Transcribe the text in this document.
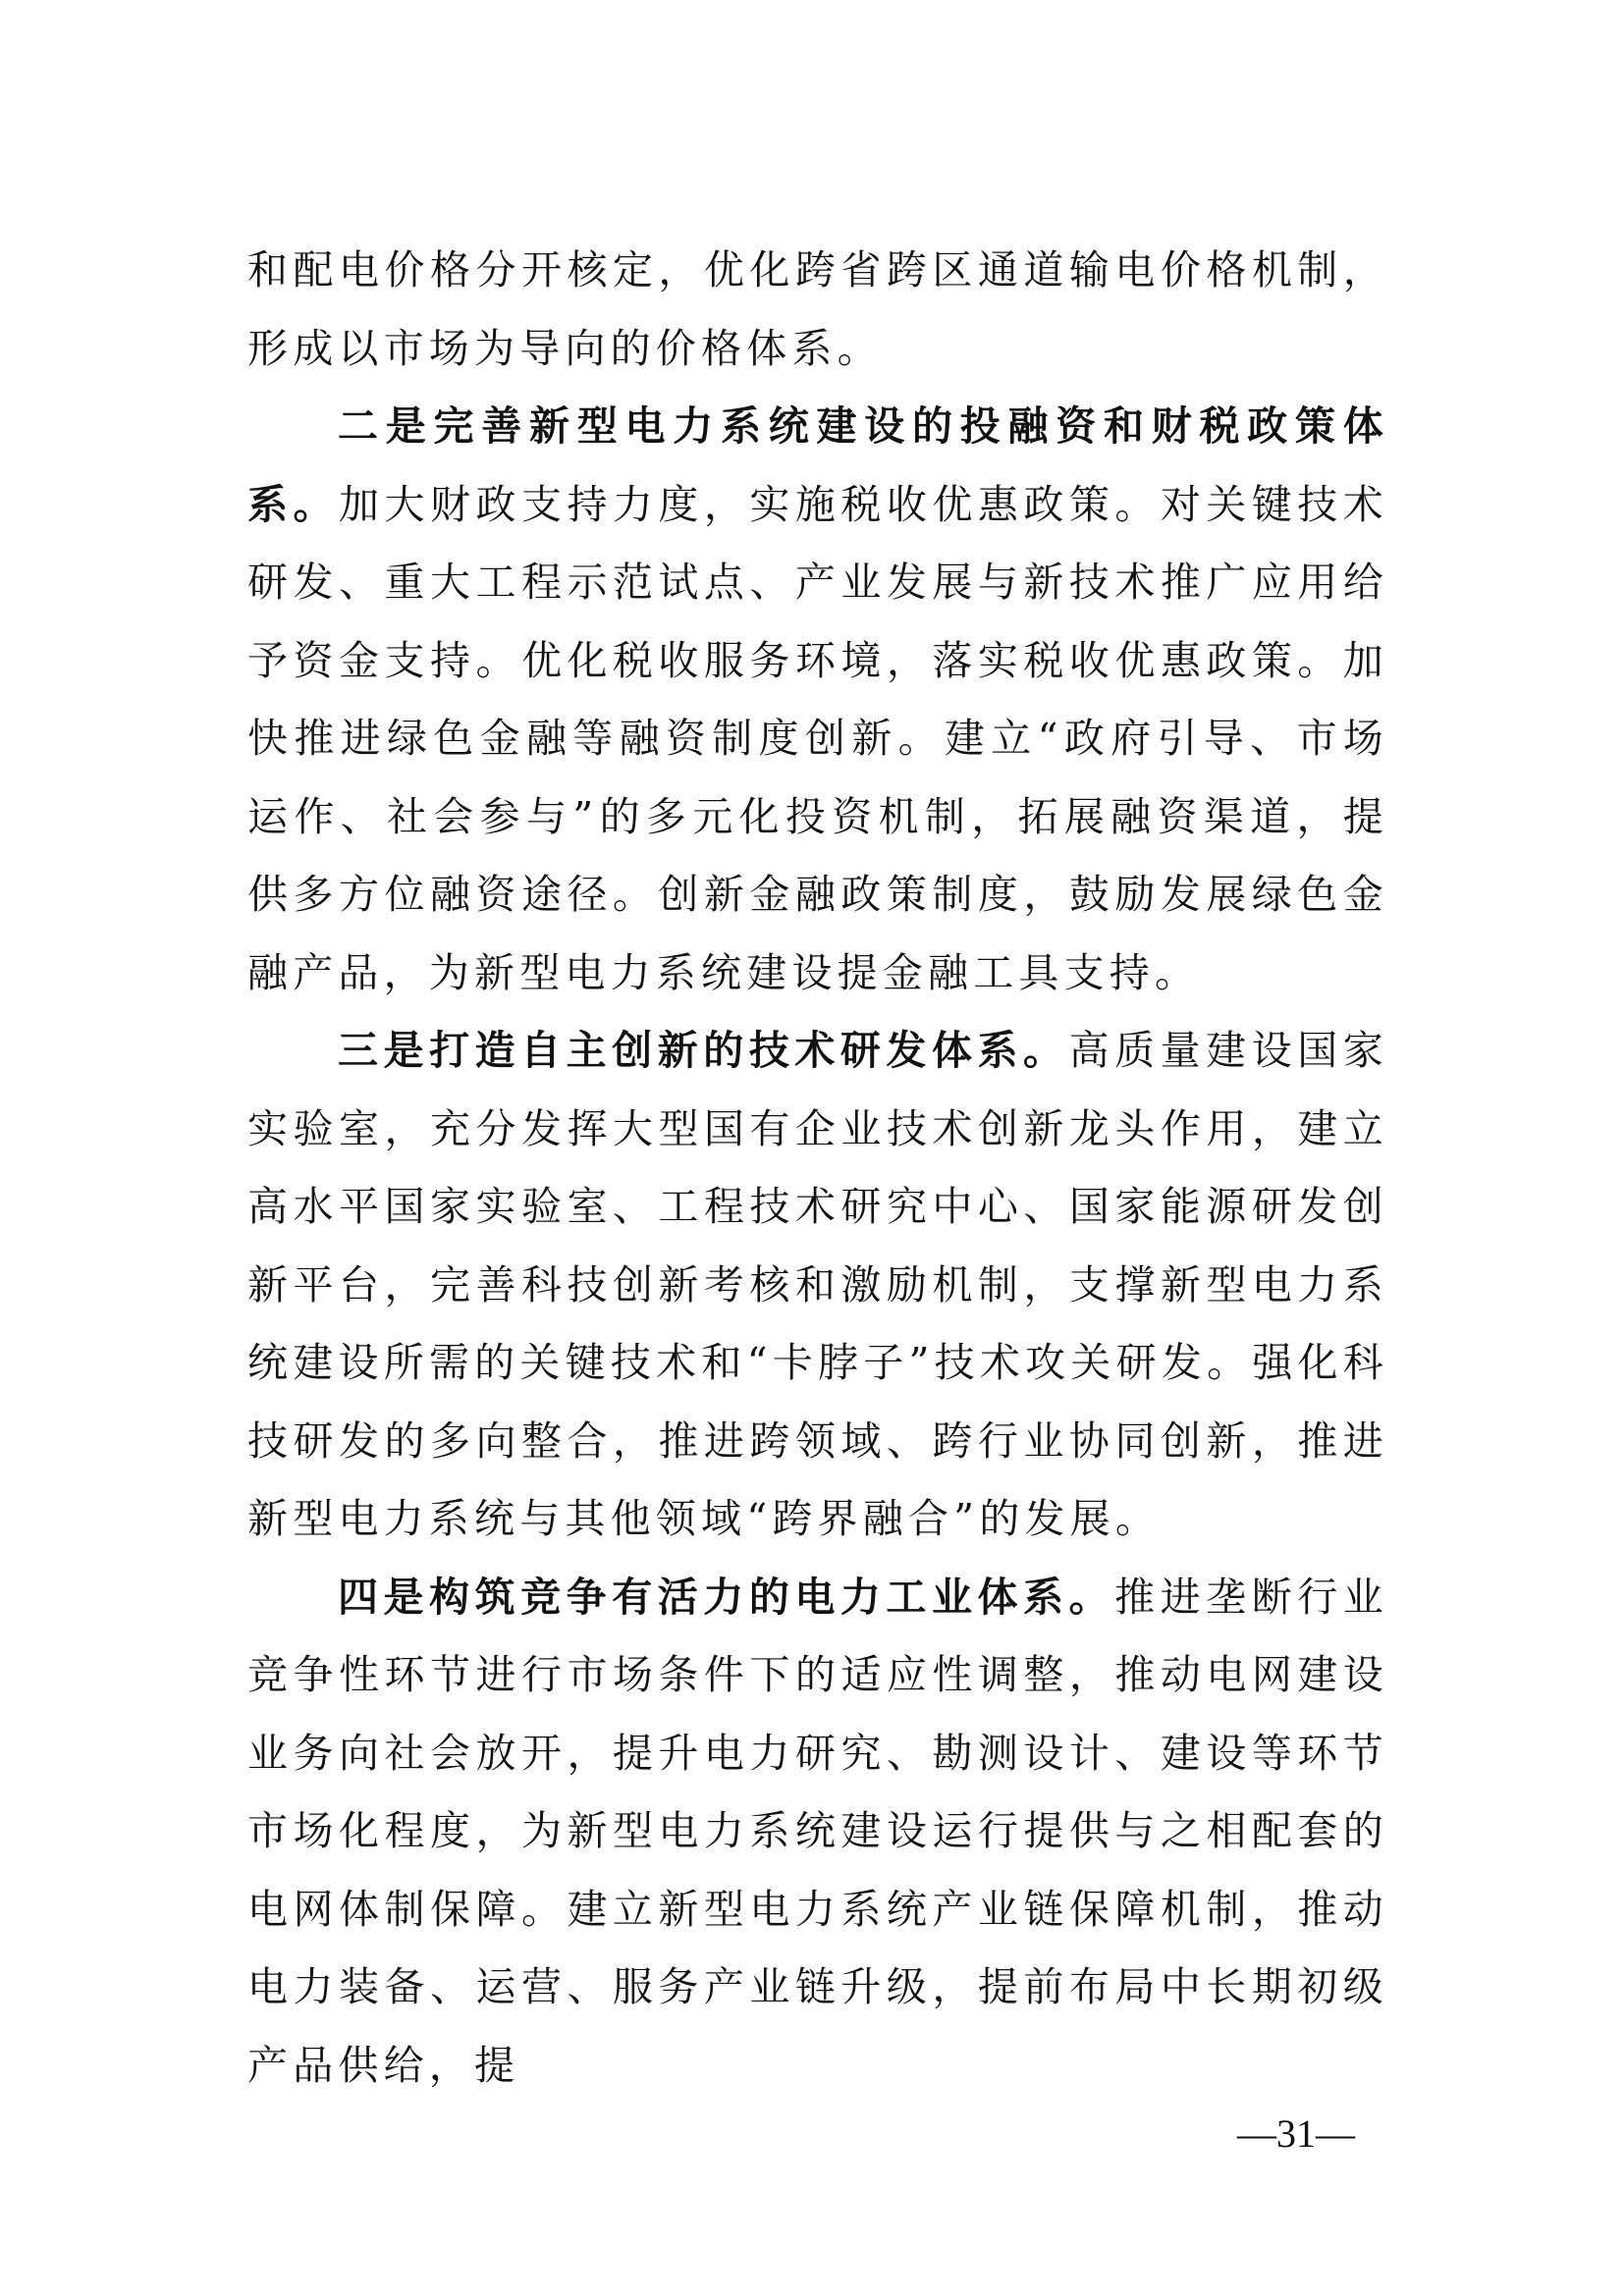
和配电价格分开核定，优化跨省跨区通道输电价格机制，形成以市场为导向的价格体系。

二是完善新型电力系统建设的投融资和财税政策体系。加大财政支持力度，实施税收优惠政策。对关键技术研发、重大工程示范试点、产业发展与新技术推广应用给予资金支持。优化税收服务环境，落实税收优惠政策。加快推进绿色金融等融资制度创新。建立“政府引导、市场运作、社会参与”的多元化投资机制，拓展融资渠道，提供多方位融资途径。创新金融政策制度，鼓励发展绿色金融产品，为新型电力系统建设提金融工具支持。

三是打造自主创新的技术研发体系。高质量建设国家实验室，充分发挥大型国有企业技术创新龙头作用，建立高水平国家实验室、工程技术研究中心、国家能源研发创新平台，完善科技创新考核和激励机制，支撑新型电力系统建设所需的关键技术和“卡脖子”技术攻关研发。强化科技研发的多向整合，推进跨领域、跨行业协同创新，推进新型电力系统与其他领域“跨界融合”的发展。

四是构筑竞争有活力的电力工业体系。推进垄断行业竞争性环节进行市场条件下的适应性调整，推动电网建设业务向社会放开，提升电力研究、勘测设计、建设等环节市场化程度，为新型电力系统建设运行提供与之相配套的电网体制保障。建立新型电力系统产业链保障机制，推动电力装备、运营、服务产业链升级，提前布局中长期初级产品供给，提

—31—
